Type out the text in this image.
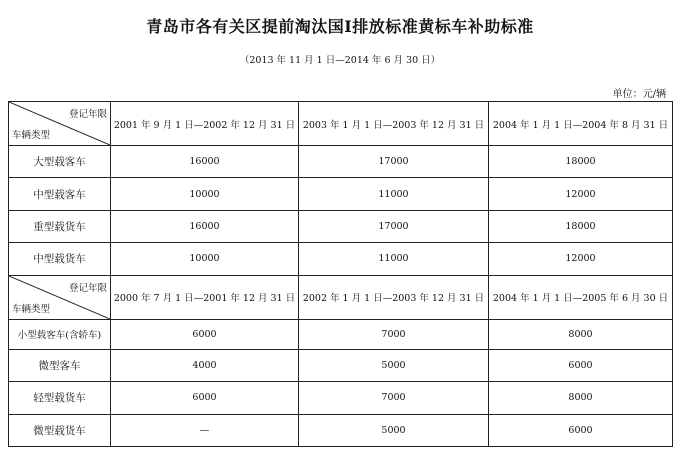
青岛市各有关区提前淘汰国Ⅰ排放标准黄标车补助标准
（2013 年 11 月 1 日—2014 年 6 月 30 日）
单位：元/辆
登记年限
车辆类型	2001 年 9 月 1 日—2002 年 12 月 31 日	2003 年 1 月 1 日—2003 年 12 月 31 日	2004 年 1 月 1 日—2004 年 8 月 31 日
大型载客车	16000	17000	18000
中型载客车	10000	11000	12000
重型载货车	16000	17000	18000
中型载货车	10000	11000	12000

登记年限
车辆类型	2000 年 7 月 1 日—2001 年 12 月 31 日	2002 年 1 月 1 日—2003 年 12 月 31 日	2004 年 1 月 1 日—2005 年 6 月 30 日
小型载客车(含轿车)	6000	7000	8000
微型客车	4000	5000	6000
轻型载货车	6000	7000	8000
微型载货车	—	5000	6000
